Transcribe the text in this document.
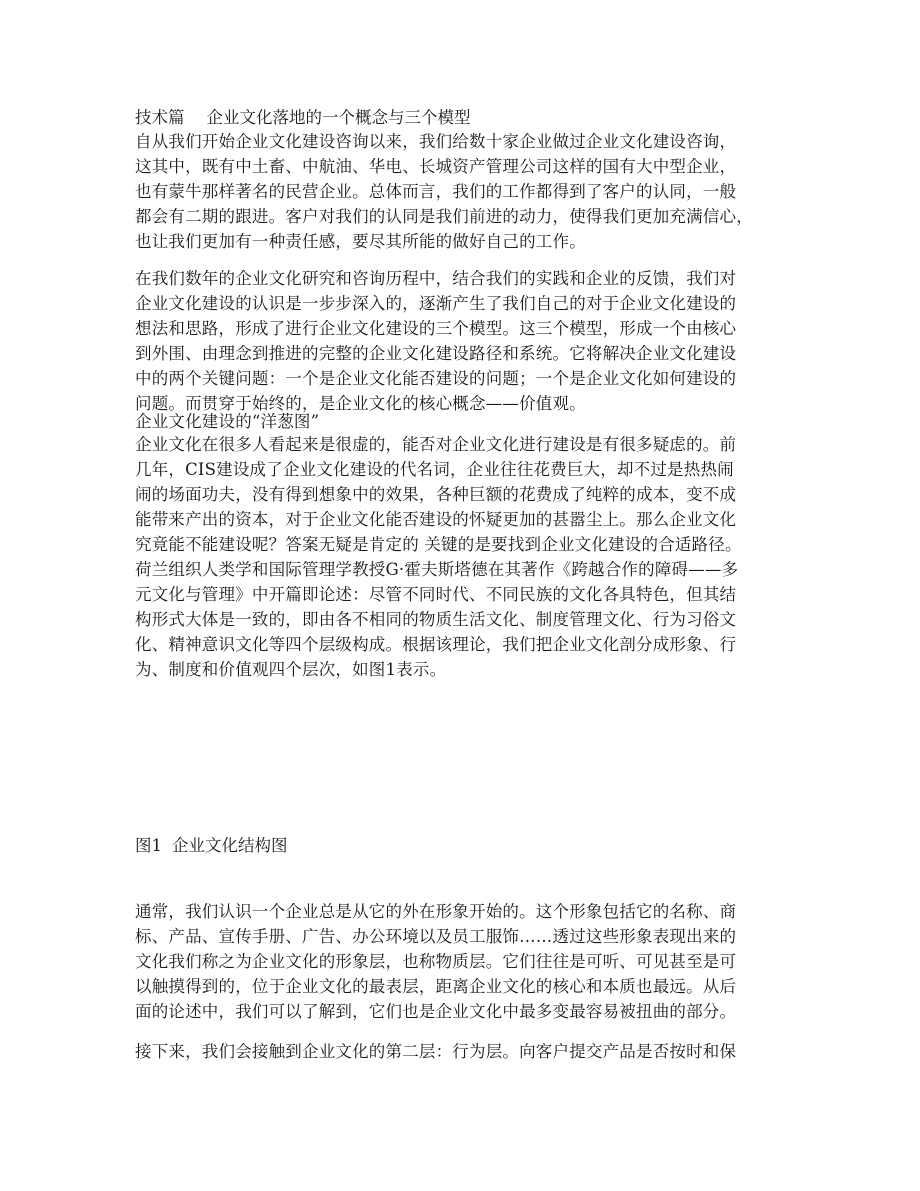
技术篇 企业文化落地的一个概念与三个模型
自从我们开始企业文化建设咨询以来，我们给数十家企业做过企业文化建设咨询，
这其中，既有中土畜、中航油、华电、长城资产管理公司这样的国有大中型企业，
也有蒙牛那样著名的民营企业。总体而言，我们的工作都得到了客户的认同，一般
都会有二期的跟进。客户对我们的认同是我们前进的动力，使得我们更加充满信心，
也让我们更加有一种责任感，要尽其所能的做好自己的工作。
在我们数年的企业文化研究和咨询历程中，结合我们的实践和企业的反馈，我们对
企业文化建设的认识是一步步深入的，逐渐产生了我们自己的对于企业文化建设的
想法和思路，形成了进行企业文化建设的三个模型。这三个模型，形成一个由核心
到外围、由理念到推进的完整的企业文化建设路径和系统。它将解决企业文化建设
中的两个关键问题：一个是企业文化能否建设的问题；一个是企业文化如何建设的
问题。而贯穿于始终的，是企业文化的核心概念——价值观。
企业文化建设的“洋葱图”
企业文化在很多人看起来是很虚的，能否对企业文化进行建设是有很多疑虑的。前
几年，CIS建设成了企业文化建设的代名词，企业往往花费巨大，却不过是热热闹
闹的场面功夫，没有得到想象中的效果，各种巨额的花费成了纯粹的成本，变不成
能带来产出的资本，对于企业文化能否建设的怀疑更加的甚嚣尘上。那么企业文化
究竟能不能建设呢？答案无疑是肯定的 关键的是要找到企业文化建设的合适路径。
荷兰组织人类学和国际管理学教授G·霍夫斯塔德在其著作《跨越合作的障碍——多
元文化与管理》中开篇即论述：尽管不同时代、不同民族的文化各具特色，但其结
构形式大体是一致的，即由各不相同的物质生活文化、制度管理文化、行为习俗文
化、精神意识文化等四个层级构成。根据该理论，我们把企业文化剖分成形象、行
为、制度和价值观四个层次，如图1表示。
图1 企业文化结构图
通常，我们认识一个企业总是从它的外在形象开始的。这个形象包括它的名称、商
标、产品、宣传手册、广告、办公环境以及员工服饰……透过这些形象表现出来的
文化我们称之为企业文化的形象层，也称物质层。它们往往是可听、可见甚至是可
以触摸得到的，位于企业文化的最表层，距离企业文化的核心和本质也最远。从后
面的论述中，我们可以了解到，它们也是企业文化中最多变最容易被扭曲的部分。
接下来，我们会接触到企业文化的第二层：行为层。向客户提交产品是否按时和保
